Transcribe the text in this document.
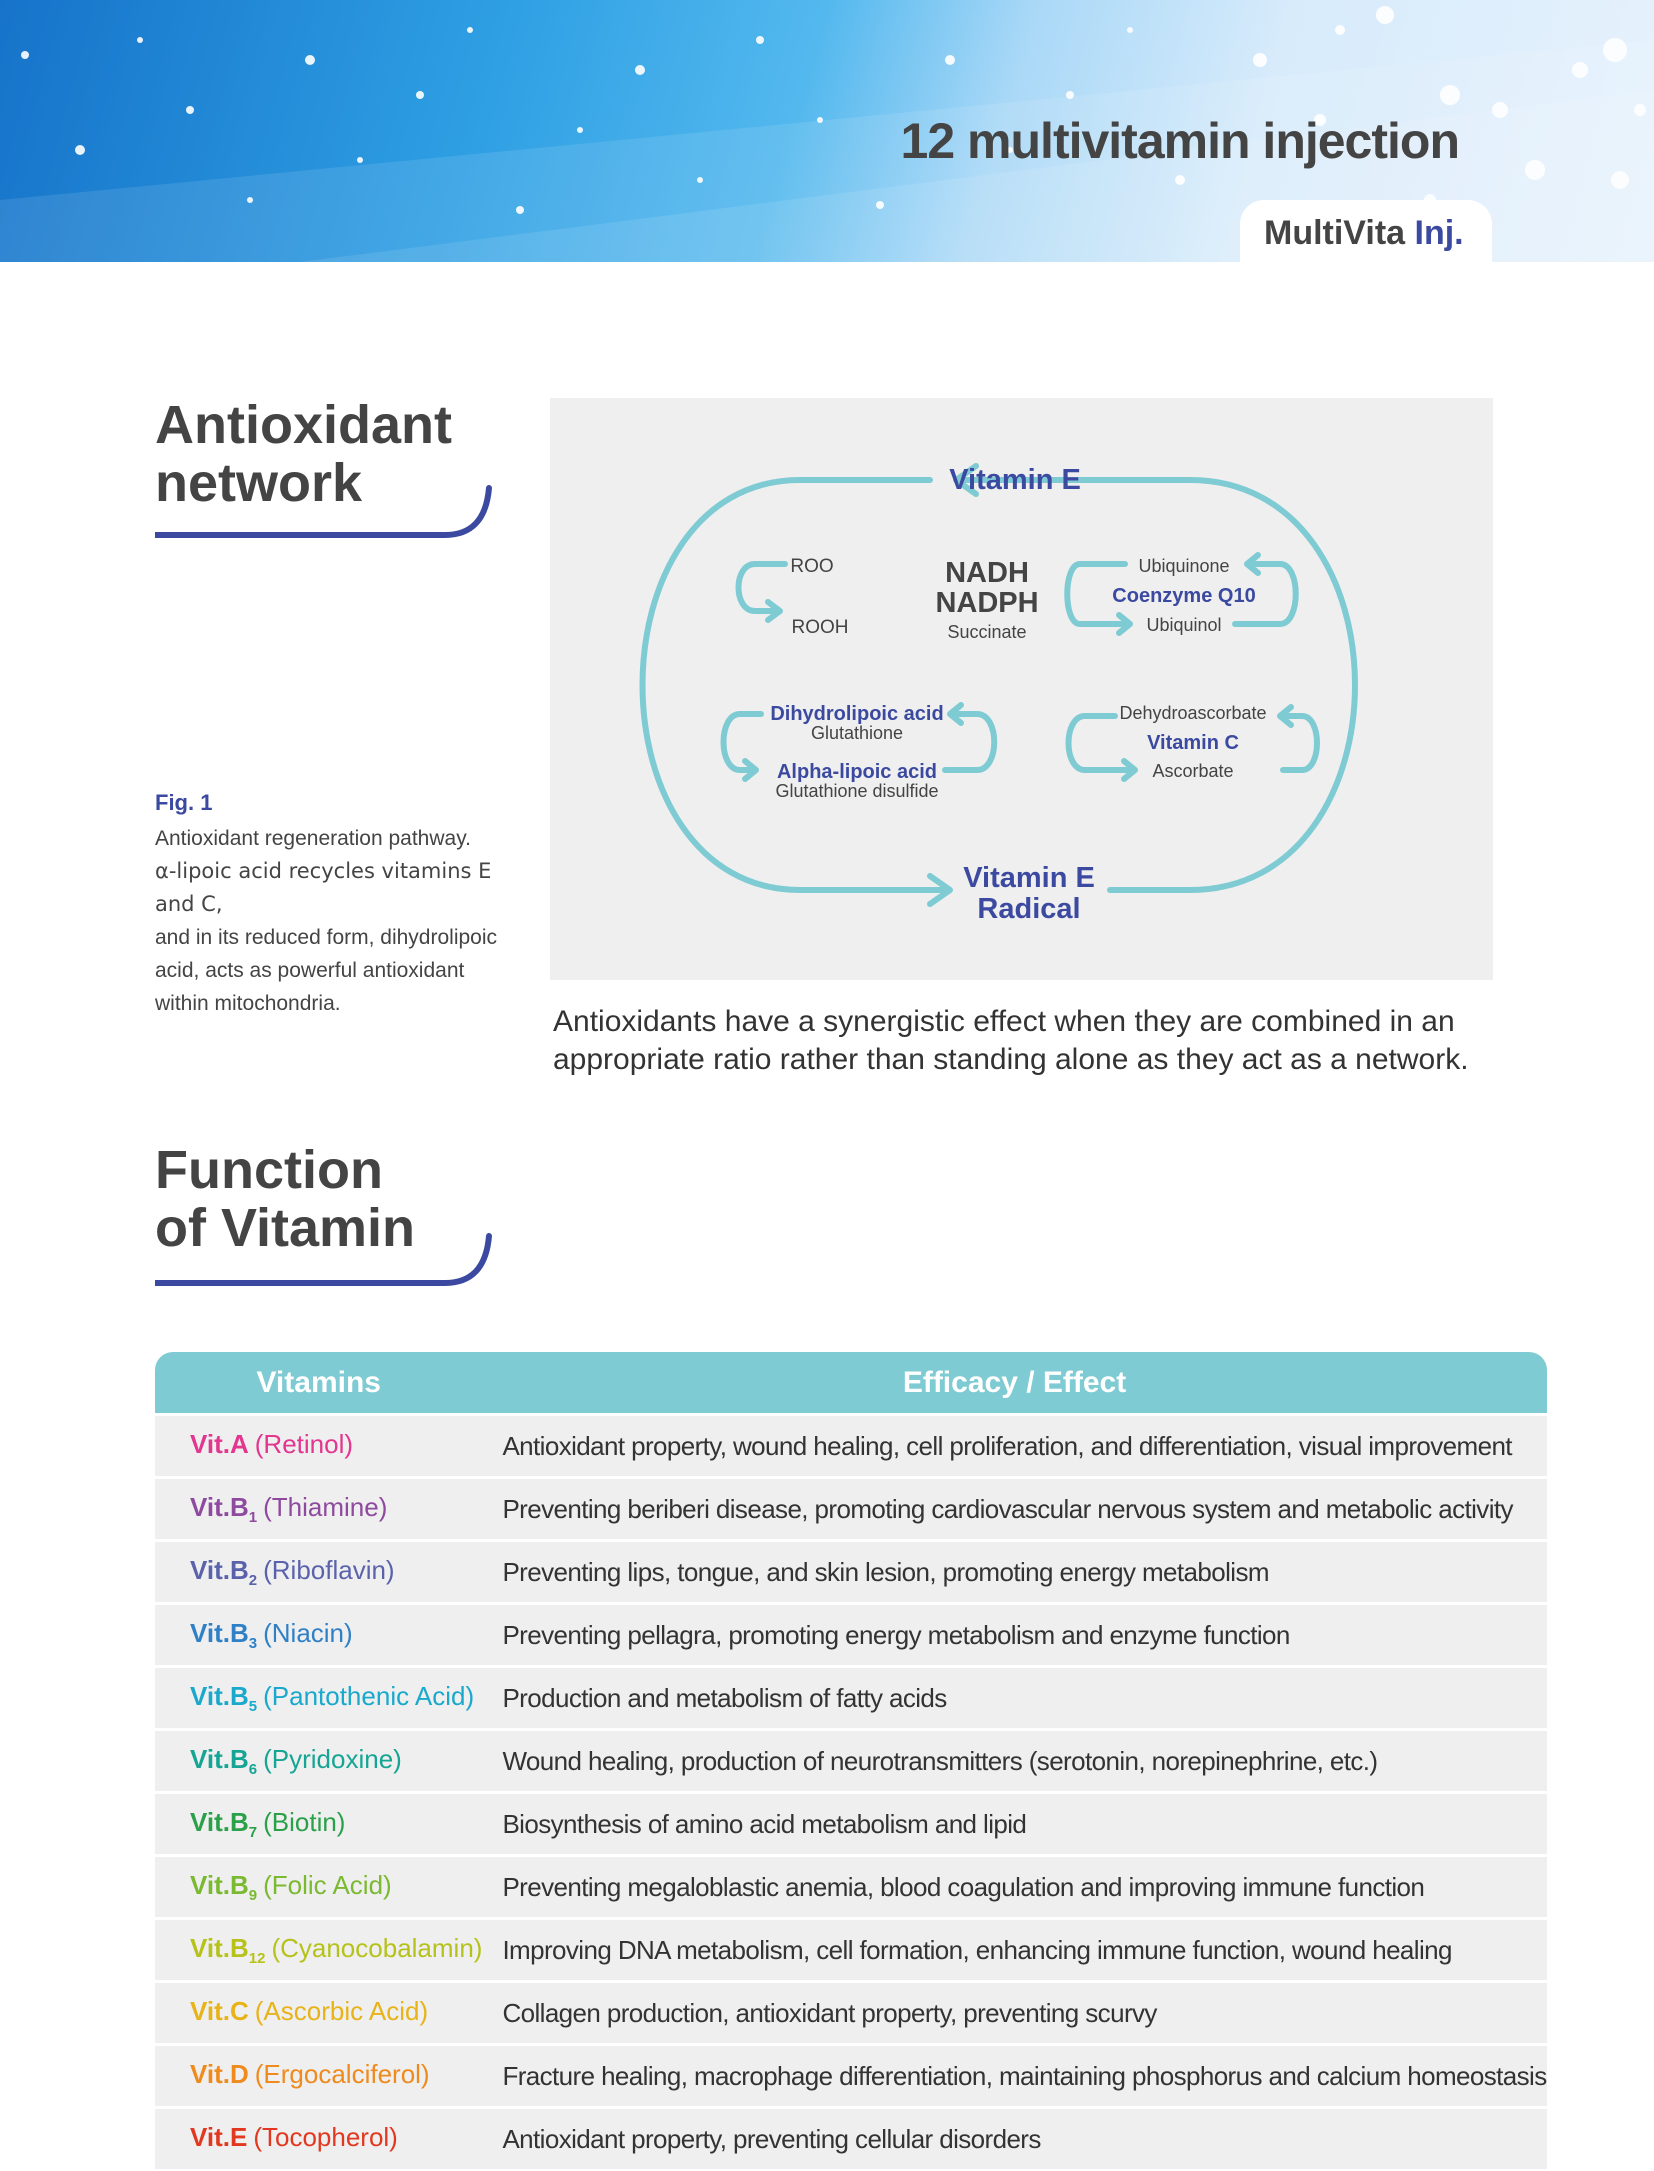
12 multivitamin injection
MultiVita Inj.
Antioxidant
network
Fig. 1
Antioxidant regeneration pathway.
α-lipoic acid recycles vitamins E and C,
and in its reduced form, dihydrolipoic
acid, acts as powerful antioxidant
within mitochondria.
Vitamin E
Vitamin E
Radical
ROO
ROOH
NADH
NADPH
Succinate
Ubiquinone
Coenzyme Q10
Ubiquinol
Dihydrolipoic acid
Glutathione
Alpha-lipoic acid
Glutathione disulfide
Dehydroascorbate
Vitamin C
Ascorbate
Antioxidants have a synergistic effect when they are combined in an appropriate ratio rather than standing alone as they act as a network.
Function
of Vitamin
Vitamins		Efficacy / Effect
Vit.A (Retinol)		Antioxidant property, wound healing, cell proliferation, and differentiation, visual improvement
$Vit.B_1$ (Thiamine)		Preventing beriberi disease, promoting cardiovascular nervous system and metabolic activity
$Vit.B_2$ (Riboflavin)		Preventing lips, tongue, and skin lesion, promoting energy metabolism
$Vit.B_3$ (Niacin)		Preventing pellagra, promoting energy metabolism and enzyme function
$Vit.B_5$ (Pantothenic Acid)		Production and metabolism of fatty acids
$Vit.B_6$ (Pyridoxine)		Wound healing, production of neurotransmitters (serotonin, norepinephrine, etc.)
$Vit.B_7$ (Biotin)		Biosynthesis of amino acid metabolism and lipid
$Vit.B_9$ (Folic Acid)		Preventing megaloblastic anemia, blood coagulation and improving immune function
$Vit.B_{12}$ (Cyanocobalamin)		Improving DNA metabolism, cell formation, enhancing immune function, wound healing
Vit.C (Ascorbic Acid)		Collagen production, antioxidant property, preventing scurvy
Vit.D (Ergocalciferol)		Fracture healing, macrophage differentiation, maintaining phosphorus and calcium homeostasis
Vit.E (Tocopherol)		Antioxidant property, preventing cellular disorders
